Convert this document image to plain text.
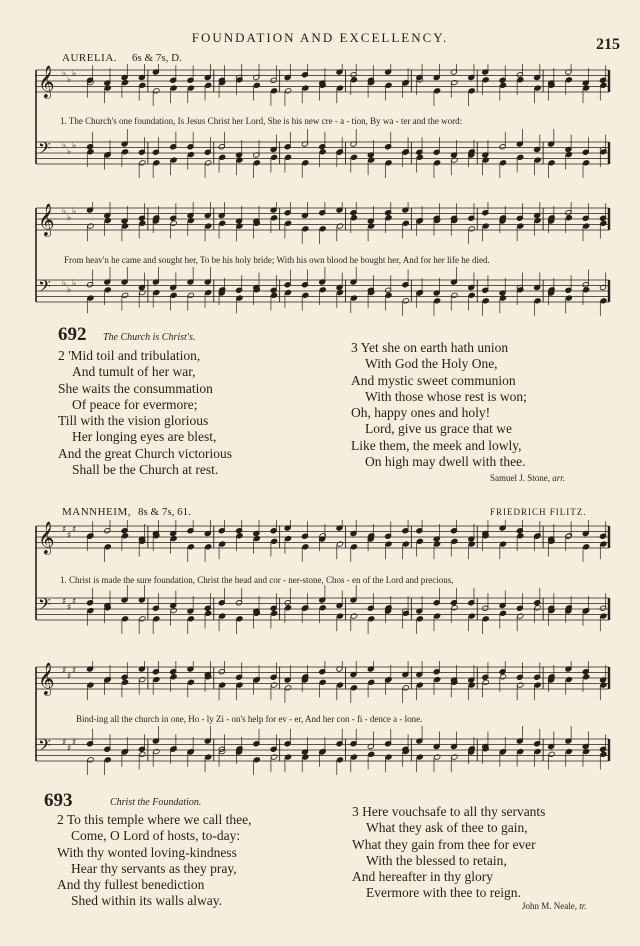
FOUNDATION AND EXCELLENCY.	215
AURELIA. 6s & 7s, D.
𝄞 ♭
♭
♭
𝄢 ♭
♭
♭
1. The Church's one foundation, Is Jesus Christ her Lord, She is his new cre - a - tion, By wa - ter and the word:
𝄞 ♭
♭
♭
𝄢 ♭
♭
♭
From heav'n he came and sought her, To be his holy bride; With his own blood he bought her, And for her life he died.
692 The Church is Christ's.
2 'Mid toil and tribulation,
And tumult of her war,
She waits the consummation
Of peace for evermore;
Till with the vision glorious
Her longing eyes are blest,
And the great Church victorious
Shall be the Church at rest.
3 Yet she on earth hath union
With God the Holy One,
And mystic sweet communion
With those whose rest is won;
Oh, happy ones and holy!
Lord, give us grace that we
Like them, the meek and lowly,
On high may dwell with thee.
Samuel J. Stone, arr.
MANNHEIM, 8s & 7s, 61.	FRIEDRICH FILITZ.
𝄞 ♯
♯
♯
𝄢 ♯
♯
♯
1. Christ is made the sure foundation, Christ the head and cor - ner-stone, Chos - en of the Lord and precious,
𝄞 ♯
♯
♯
𝄢 ♯
♯
♯
Bind-ing all the church in one, Ho - ly Zi - on's help for ev - er, And her con - fi - dence a - lone.
693	Christ the Foundation.
2 To this temple where we call thee,
Come, O Lord of hosts, to-day:
With thy wonted loving-kindness
Hear thy servants as they pray,
And thy fullest benediction
Shed within its walls alway.
3 Here vouchsafe to all thy servants
What they ask of thee to gain,
What they gain from thee for ever
With the blessed to retain,
And hereafter in thy glory
Evermore with thee to reign.
John M. Neale, tr.
